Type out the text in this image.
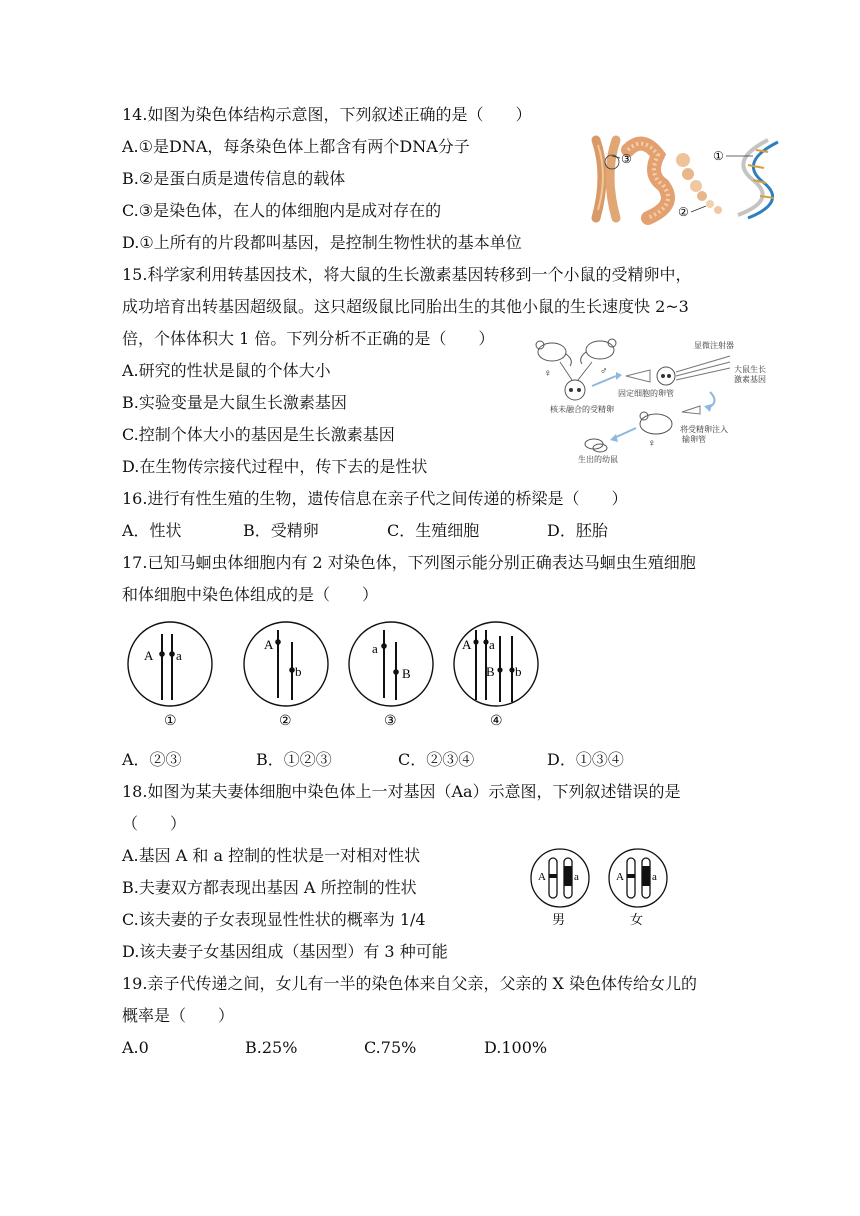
14.如图为染色体结构示意图，下列叙述正确的是（　　）
A.①是DNA，每条染色体上都含有两个DNA分子
B.②是蛋白质是遗传信息的载体
C.③是染色体，在人的体细胞内是成对存在的
D.①上所有的片段都叫基因，是控制生物性状的基本单位
③	①
②
15.科学家利用转基因技术，将大鼠的生长激素基因转移到一个小鼠的受精卵中，
成功培育出转基因超级鼠。这只超级鼠比同胎出生的其他小鼠的生长速度快 2~3
倍，个体体积大 1 倍。下列分析不正确的是（　　）
A.研究的性状是鼠的个体大小
B.实验变量是大鼠生长激素基因
C.控制个体大小的基因是生长激素基因
D.在生物传宗接代过程中，传下去的是性状
♀	♂
核未融合的受精卵
显微注射器
固定细胞的卵管
大鼠生长
激素基因
♀
将受精卵注入
输卵管
生出的幼鼠
16.进行有性生殖的生物，遗传信息在亲子代之间传递的桥梁是（　　）
A．性状	B．受精卵	C．生殖细胞	D．胚胎
17.已知马蛔虫体细胞内有 2 对染色体，下列图示能分别正确表达马蛔虫生殖细胞
和体细胞中染色体组成的是（　　）
A a
①
A
b
②
a
B
③
A a
B b
④
A．②③	B．①②③	C．②③④	D．①③④
18.如图为某夫妻体细胞中染色体上一对基因（Aa）示意图，下列叙述错误的是
（　　）
A.基因 A 和 a 控制的性状是一对相对性状
B.夫妻双方都表现出基因 A 所控制的性状
C.该夫妻的子女表现显性性状的概率为 1/4
D.该夫妻子女基因组成（基因型）有 3 种可能
A	a
男
A	a
女
19.亲子代传递之间，女儿有一半的染色体来自父亲，父亲的 X 染色体传给女儿的
概率是（　　）
A.0	B.25%	C.75%	D.100%
